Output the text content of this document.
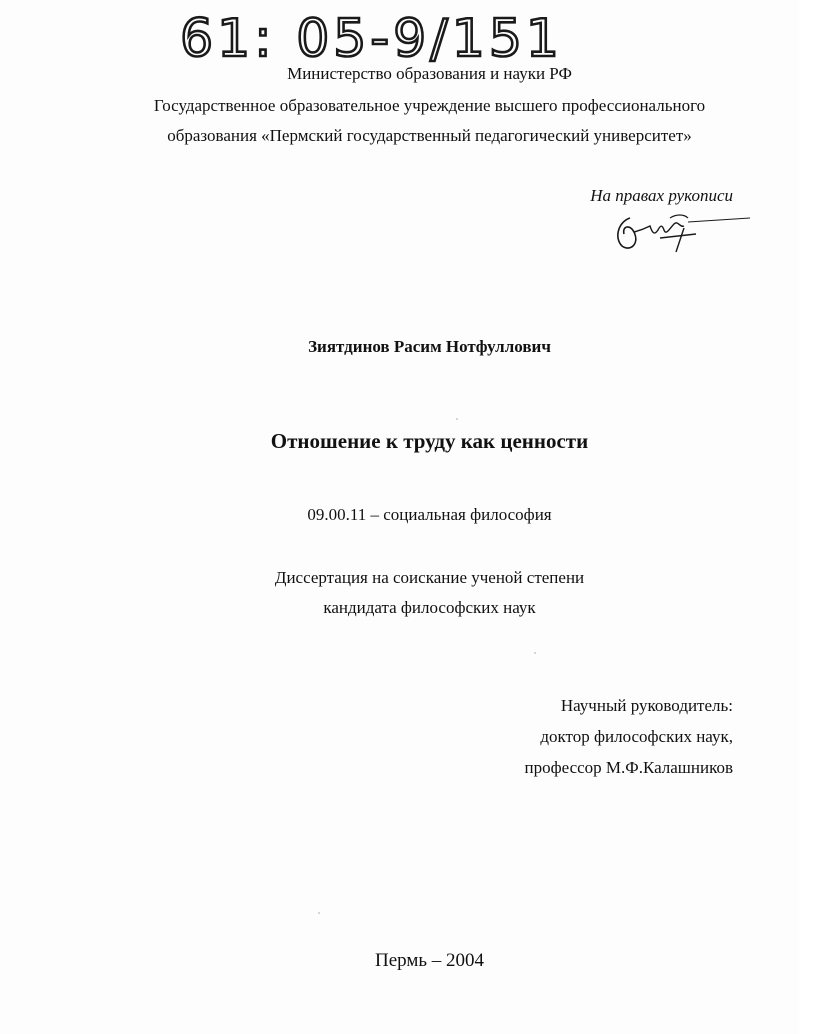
61: 05-9/151
Министерство образования и науки РФ
Государственное образовательное учреждение высшего профессионального
образования «Пермский государственный педагогический университет»
На правах рукописи
Зиятдинов Расим Нотфуллович
Отношение к труду как ценности
09.00.11 – социальная философия
Диссертация на соискание ученой степени
кандидата философских наук
Научный руководитель:
доктор философских наук,
профессор М.Ф.Калашников
Пермь – 2004
